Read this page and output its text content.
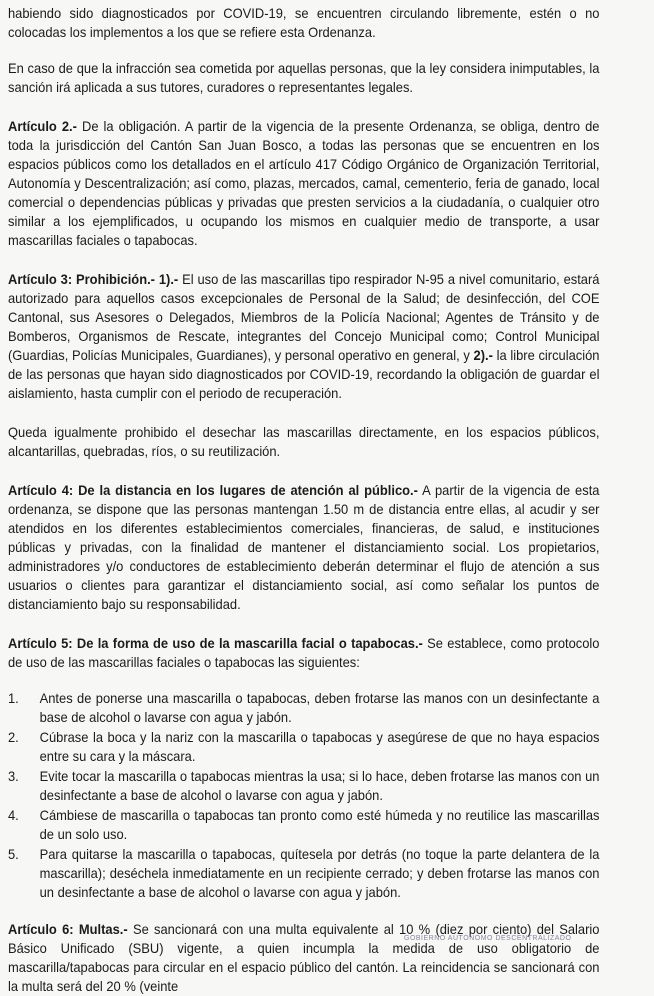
habiendo sido diagnosticados por COVID-19, se encuentren circulando libremente, estén o no colocadas los implementos a los que se refiere esta Ordenanza.

En caso de que la infracción sea cometida por aquellas personas, que la ley considera inimputables, la sanción irá aplicada a sus tutores, curadores o representantes legales.

Artículo 2.- De la obligación. A partir de la vigencia de la presente Ordenanza, se obliga, dentro de toda la jurisdicción del Cantón San Juan Bosco, a todas las personas que se encuentren en los espacios públicos como los detallados en el artículo 417 Código Orgánico de Organización Territorial, Autonomía y Descentralización; así como, plazas, mercados, camal, cementerio, feria de ganado, local comercial o dependencias públicas y privadas que presten servicios a la ciudadanía, o cualquier otro similar a los ejemplificados, u ocupando los mismos en cualquier medio de transporte, a usar mascarillas faciales o tapabocas.

Artículo 3: Prohibición.- 1).- El uso de las mascarillas tipo respirador N-95 a nivel comunitario, estará autorizado para aquellos casos excepcionales de Personal de la Salud; de desinfección, del COE Cantonal, sus Asesores o Delegados, Miembros de la Policía Nacional; Agentes de Tránsito y de Bomberos, Organismos de Rescate, integrantes del Concejo Municipal como; Control Municipal (Guardias, Policías Municipales, Guardianes), y personal operativo en general, y 2).- la libre circulación de las personas que hayan sido diagnosticados por COVID-19, recordando la obligación de guardar el aislamiento, hasta cumplir con el periodo de recuperación.

Queda igualmente prohibido el desechar las mascarillas directamente, en los espacios públicos, alcantarillas, quebradas, ríos, o su reutilización.

Artículo 4: De la distancia en los lugares de atención al público.- A partir de la vigencia de esta ordenanza, se dispone que las personas mantengan 1.50 m de distancia entre ellas, al acudir y ser atendidos en los diferentes establecimientos comerciales, financieras, de salud, e instituciones públicas y privadas, con la finalidad de mantener el distanciamiento social. Los propietarios, administradores y/o conductores de establecimiento deberán determinar el flujo de atención a sus usuarios o clientes para garantizar el distanciamiento social, así como señalar los puntos de distanciamiento bajo su responsabilidad.

Artículo 5: De la forma de uso de la mascarilla facial o tapabocas.- Se establece, como protocolo de uso de las mascarillas faciales o tapabocas las siguientes:

1. Antes de ponerse una mascarilla o tapabocas, deben frotarse las manos con un desinfectante a base de alcohol o lavarse con agua y jabón.
2. Cúbrase la boca y la nariz con la mascarilla o tapabocas y asegúrese de que no haya espacios entre su cara y la máscara.
3. Evite tocar la mascarilla o tapabocas mientras la usa; si lo hace, deben frotarse las manos con un desinfectante a base de alcohol o lavarse con agua y jabón.
4. Cámbiese de mascarilla o tapabocas tan pronto como esté húmeda y no reutilice las mascarillas de un solo uso.
5. Para quitarse la mascarilla o tapabocas, quítesela por detrás (no toque la parte delantera de la mascarilla); deséchela inmediatamente en un recipiente cerrado; y deben frotarse las manos con un desinfectante a base de alcohol o lavarse con agua y jabón.

Artículo 6: Multas.- Se sancionará con una multa equivalente al 10 % (diez por ciento) del Salario Básico Unificado (SBU) vigente, a quien incumpla la medida de uso obligatorio de mascarilla/tapabocas para circular en el espacio público del cantón. La reincidencia se sancionará con la multa será del 20 % (veinte

GOBIERNO AUTÓNOMO DESCENTRALIZADO
